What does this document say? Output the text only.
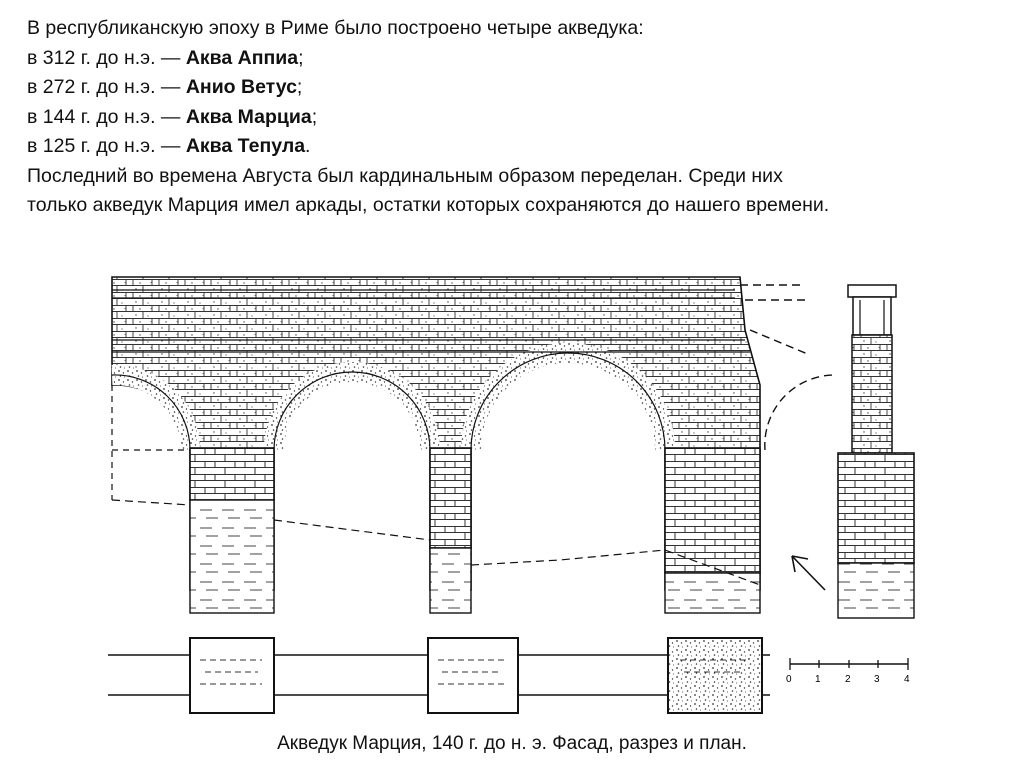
В республиканскую эпоху в Риме было построено четыре акведука:
в 312 г. до н.э. — Аква Аппиа;
в 272 г. до н.э. — Анио Ветус;
в 144 г. до н.э. — Аква Марциа;
в 125 г. до н.э. — Аква Тепула.
Последний во времена Августа был кардинальным образом переделан. Среди них
только акведук Марция имел аркады, остатки которых сохраняются до нашего времени.
0 1 2 3 4
Акведук Марция, 140 г. до н. э. Фасад, разрез и план.
